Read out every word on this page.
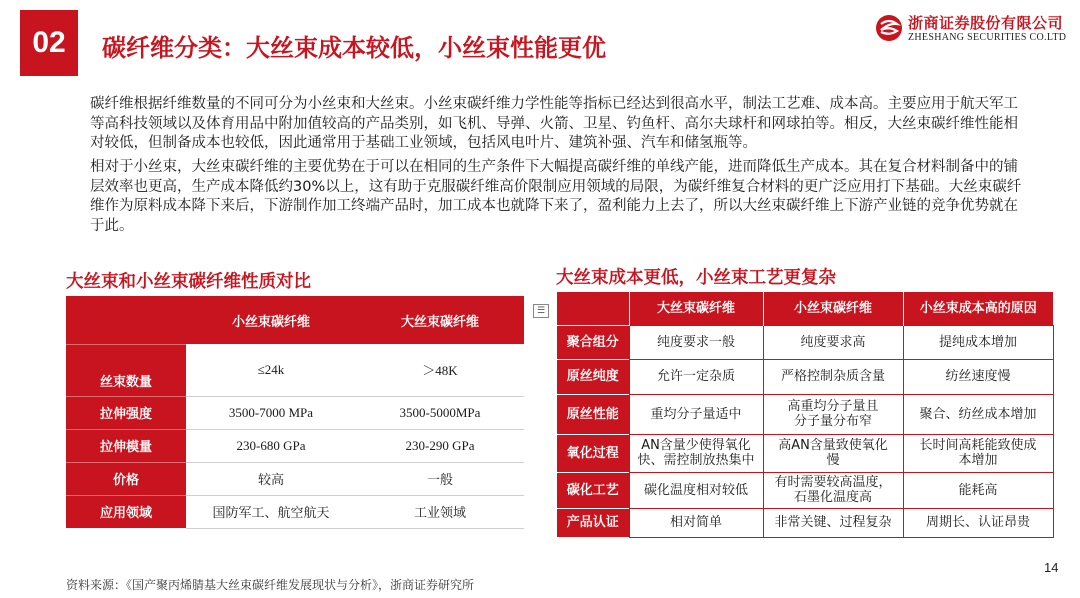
02	碳纤维分类：大丝束成本较低，小丝束性能更优
浙商证券股份有限公司
ZHESHANG SECURITIES CO.LTD

碳纤维根据纤维数量的不同可分为小丝束和大丝束。小丝束碳纤维力学性能等指标已经达到很高水平，制法工艺难、成本高。主要应用于航天军工等高科技领域以及体育用品中附加值较高的产品类别，如飞机、导弹、火箭、卫星、钓鱼杆、高尔夫球杆和网球拍等。相反，大丝束碳纤维性能相对较低，但制备成本也较低，因此通常用于基础工业领域，包括风电叶片、建筑补强、汽车和储氢瓶等。

相对于小丝束，大丝束碳纤维的主要优势在于可以在相同的生产条件下大幅提高碳纤维的单线产能，进而降低生产成本。其在复合材料制备中的铺层效率也更高，生产成本降低约30%以上，这有助于克服碳纤维高价限制应用领域的局限，为碳纤维复合材料的更广泛应用打下基础。大丝束碳纤维作为原料成本降下来后，下游制作加工终端产品时，加工成本也就降下来了，盈利能力上去了，所以大丝束碳纤维上下游产业链的竞争优势就在于此。

大丝束和小丝束碳纤维性质对比
	小丝束碳纤维	大丝束碳纤维
丝束数量	≤24k	＞48K
拉伸强度	3500-7000 MPa	3500-5000MPa
拉伸模量	230-680 GPa	230-290 GPa
价格	较高	一般
应用领域	国防军工、航空航天	工业领域
☰
大丝束成本更低，小丝束工艺更复杂
	大丝束碳纤维	小丝束碳纤维	小丝束成本高的原因
聚合组分	纯度要求一般	纯度要求高	提纯成本增加
原丝纯度	允许一定杂质	严格控制杂质含量	纺丝速度慢
原丝性能	重均分子量适中	高重均分子量且分子量分布窄	聚合、纺丝成本增加
氧化过程	AN含量少使得氧化快、需控制放热集中	高AN含量致使氧化慢	长时间高耗能致使成本增加
碳化工艺	碳化温度相对较低	有时需要较高温度，石墨化温度高	能耗高
产品认证	相对简单	非常关键、过程复杂	周期长、认证昂贵
资料来源：《国产聚丙烯腈基大丝束碳纤维发展现状与分析》，浙商证券研究所
14
